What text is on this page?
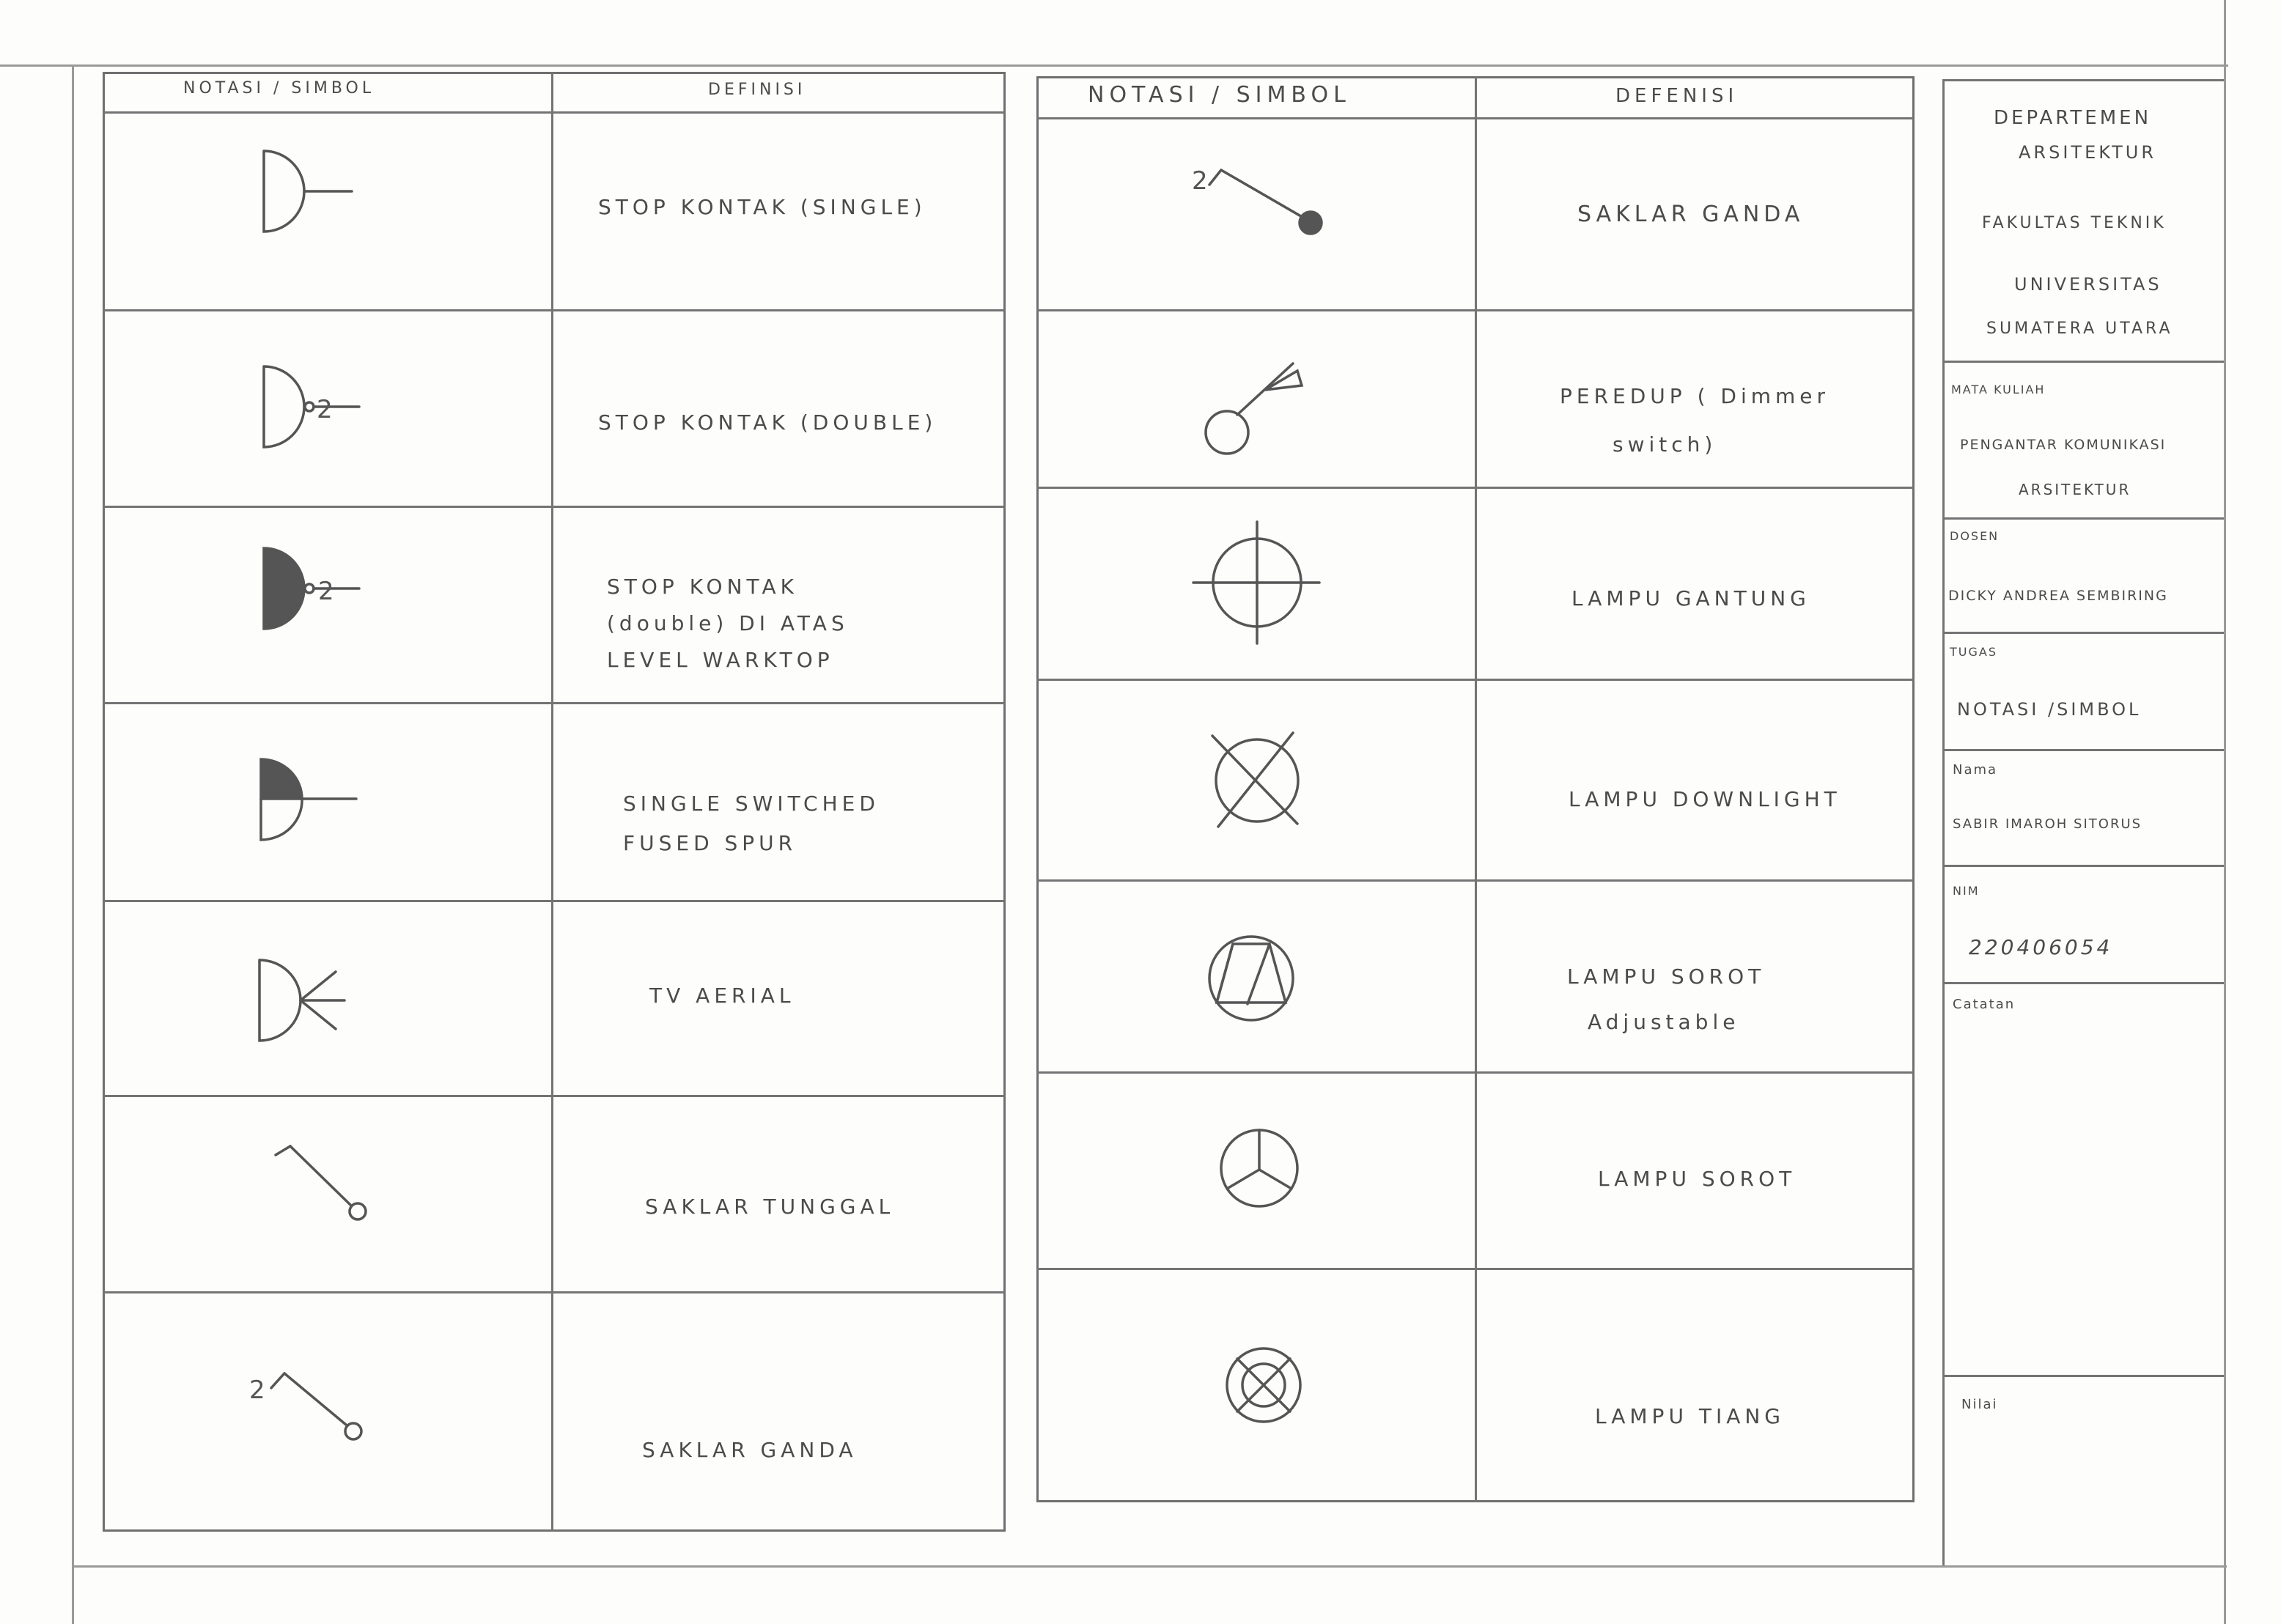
NOTASI / SIMBOL	DEFINISI
STOP KONTAK (SINGLE)
STOP KONTAK (DOUBLE)
STOP KONTAK
(double) DI ATAS
LEVEL WARKTOP
SINGLE SWITCHED
FUSED SPUR
TV AERIAL
SAKLAR TUNGGAL
SAKLAR GANDA
2
2
2
NOTASI / SIMBOL	DEFENISI
SAKLAR GANDA
PEREDUP ( Dimmer
switch)
LAMPU GANTUNG
LAMPU DOWNLIGHT
LAMPU SOROT
Adjustable
LAMPU SOROT
LAMPU TIANG
2
DEPARTEMEN
ARSITEKTUR
FAKULTAS TEKNIK
UNIVERSITAS
SUMATERA UTARA
MATA KULIAH
PENGANTAR KOMUNIKASI
ARSITEKTUR
DOSEN
DICKY ANDREA SEMBIRING
TUGAS
NOTASI /SIMBOL
Nama
SABIR IMAROH SITORUS
NIM
220406054
Catatan
Nilai
